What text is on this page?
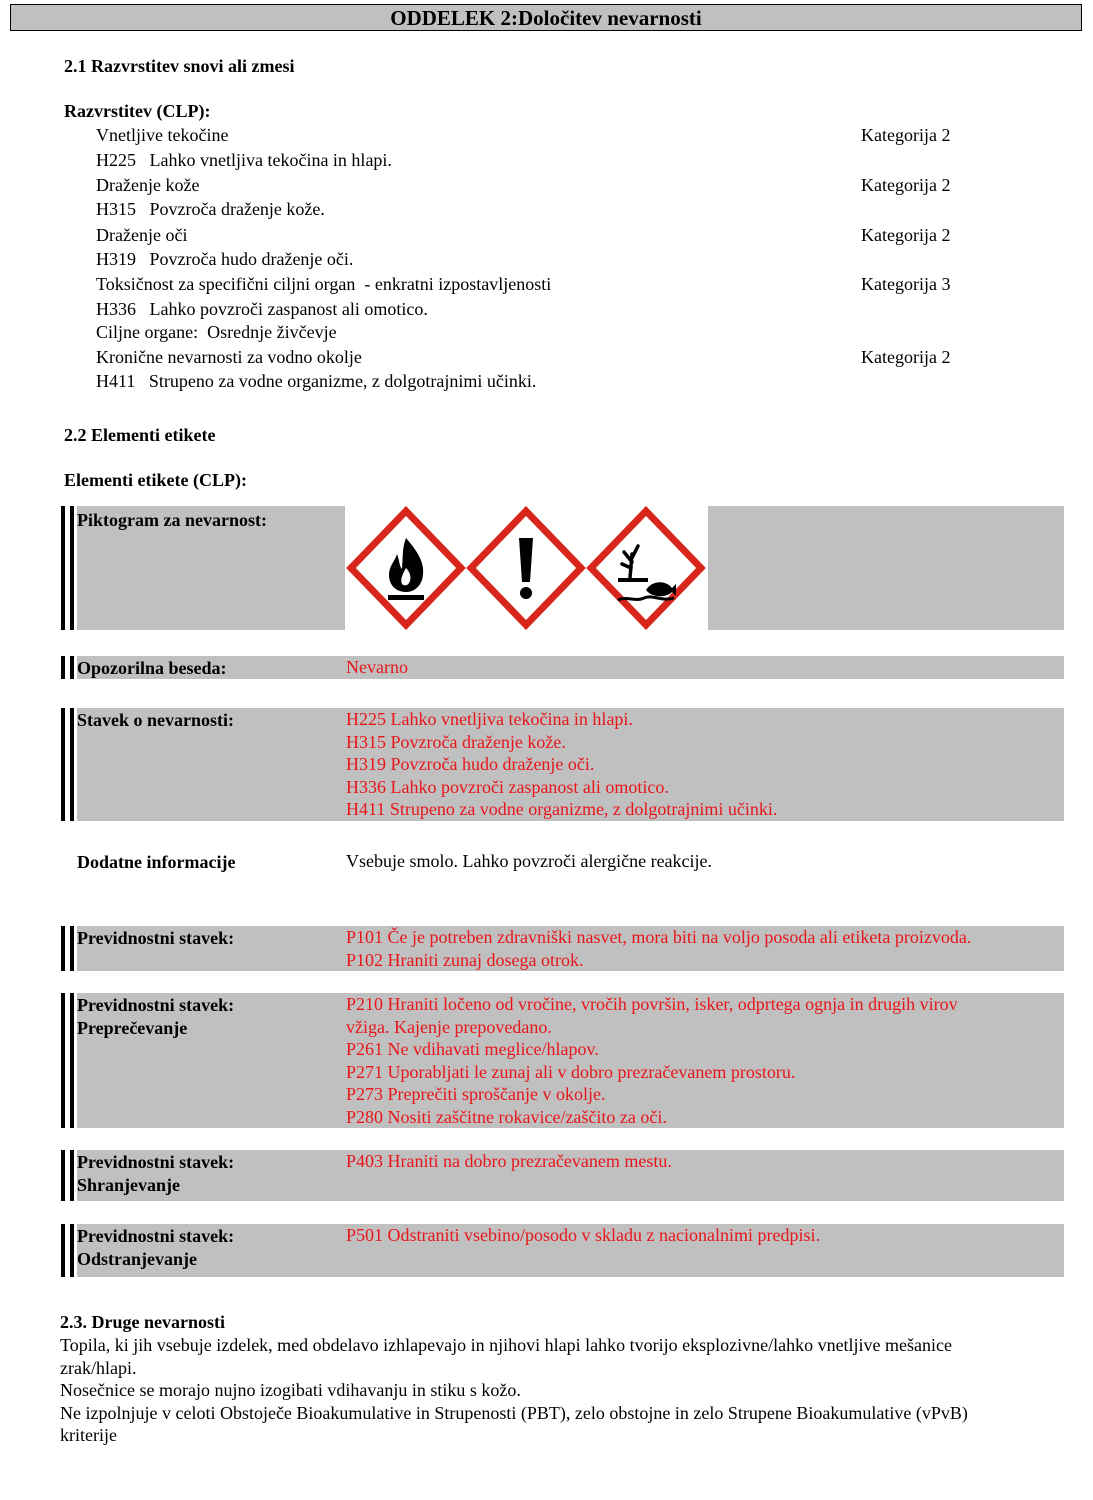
ODDELEK 2:Določitev nevarnosti
2.1 Razvrstitev snovi ali zmesi
Razvrstitev (CLP):
Vnetljive tekočine	Kategorija 2
H225   Lahko vnetljiva tekočina in hlapi.
Draženje kože	Kategorija 2
H315   Povzroča draženje kože.
Draženje oči	Kategorija 2
H319   Povzroča hudo draženje oči.
Toksičnost za specifični ciljni organ  - enkratni izpostavljenosti	Kategorija 3
H336   Lahko povzroči zaspanost ali omotico.
Ciljne organe:  Osrednje živčevje
Kronične nevarnosti za vodno okolje	Kategorija 2
H411   Strupeno za vodne organizme, z dolgotrajnimi učinki.
2.2 Elementi etikete
Elementi etikete (CLP):
Piktogram za nevarnost:
Opozorilna beseda:	Nevarno
Stavek o nevarnosti:	H225 Lahko vnetljiva tekočina in hlapi.
H315 Povzroča draženje kože.
H319 Povzroča hudo draženje oči.
H336 Lahko povzroči zaspanost ali omotico.
H411 Strupeno za vodne organizme, z dolgotrajnimi učinki.
Dodatne informacije	Vsebuje smolo. Lahko povzroči alergične reakcije.
Previdnostni stavek:	P101 Če je potreben zdravniški nasvet, mora biti na voljo posoda ali etiketa proizvoda.
P102 Hraniti zunaj dosega otrok.
Previdnostni stavek:
Preprečevanje
P210 Hraniti ločeno od vročine, vročih površin, isker, odprtega ognja in drugih virov
vžiga. Kajenje prepovedano.
P261 Ne vdihavati meglice/hlapov.
P271 Uporabljati le zunaj ali v dobro prezračevanem prostoru.
P273 Preprečiti sproščanje v okolje.
P280 Nositi zaščitne rokavice/zaščito za oči.
Previdnostni stavek:
Shranjevanje
P403 Hraniti na dobro prezračevanem mestu.
Previdnostni stavek:
Odstranjevanje
P501 Odstraniti vsebino/posodo v skladu z nacionalnimi predpisi.
2.3. Druge nevarnosti
Topila, ki jih vsebuje izdelek, med obdelavo izhlapevajo in njihovi hlapi lahko tvorijo eksplozivne/lahko vnetljive mešanice
zrak/hlapi.
Nosečnice se morajo nujno izogibati vdihavanju in stiku s kožo.
Ne izpolnjuje v celoti Obstoječe Bioakumulative in Strupenosti (PBT), zelo obstojne in zelo Strupene Bioakumulative (vPvB)
kriterije
